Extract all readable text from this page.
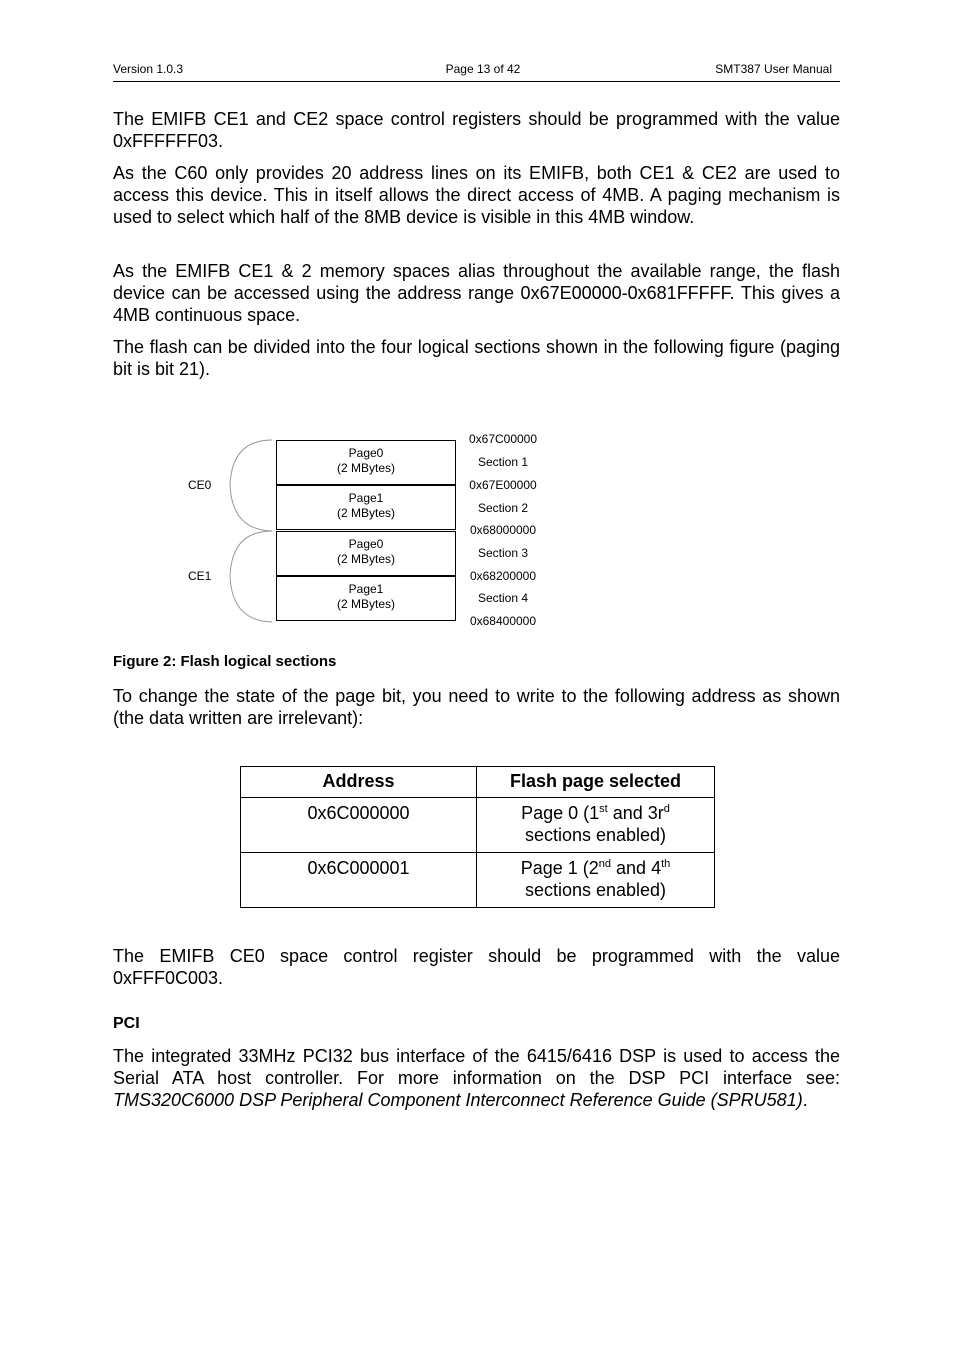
Version 1.0.3	Page 13 of 42	SMT387 User Manual

The EMIFB CE1 and CE2 space control registers should be programmed with the value 0xFFFFFF03.

As the C60 only provides 20 address lines on its EMIFB, both CE1 & CE2 are used to access this device. This in itself allows the direct access of 4MB. A paging mechanism is used to select which half of the 8MB device is visible in this 4MB window.

As the EMIFB CE1 & 2 memory spaces alias throughout the available range, the flash device can be accessed using the address range 0x67E00000-0x681FFFFF. This gives a 4MB continuous space.

The flash can be divided into the four logical sections shown in the following figure (paging bit is bit 21).

CE0
CE1
Page0
(2 MBytes)
Page1
(2 MBytes)
Page0
(2 MBytes)
Page1
(2 MBytes)
0x67C00000
Section 1
0x67E00000
Section 2
0x68000000
Section 3
0x68200000
Section 4
0x68400000
Figure 2: Flash logical sections

To change the state of the page bit, you need to write to the following address as shown (the data written are irrelevant):

Address	Flash page selected
0x6C000000	Page 0 (1st and $3r^d$
sections enabled)
0x6C000001	Page 1 (2nd and 4th
sections enabled)

The EMIFB CE0 space control register should be programmed with the value 0xFFF0C003.

PCI

The integrated 33MHz PCI32 bus interface of the 6415/6416 DSP is used to access the Serial ATA host controller. For more information on the DSP PCI interface see: TMS320C6000 DSP Peripheral Component Interconnect Reference Guide (SPRU581).
